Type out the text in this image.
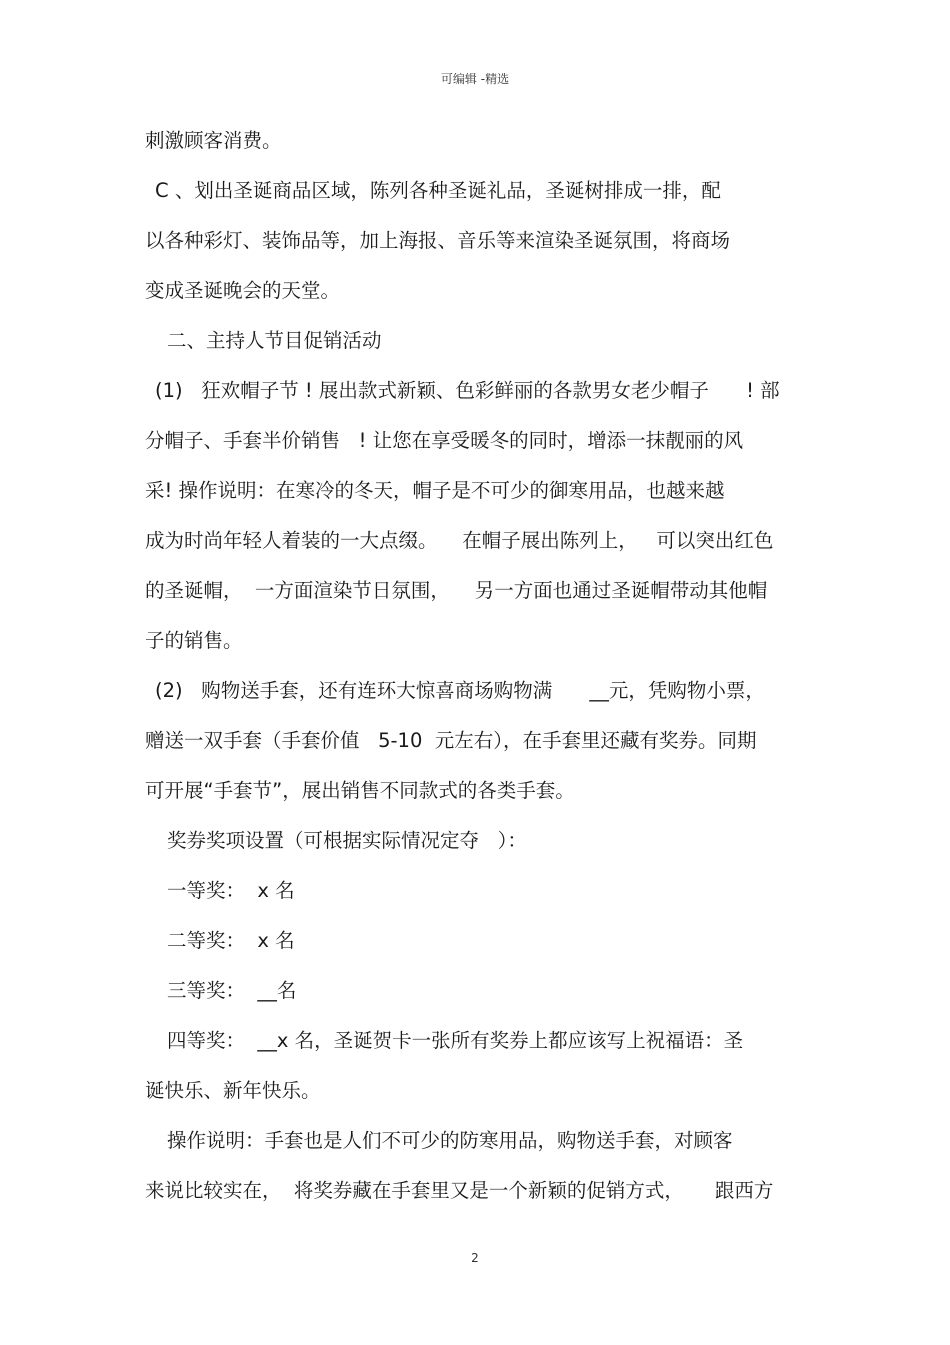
可编辑 -精选
刺激顾客消费。
C 、划出圣诞商品区域，陈列各种圣诞礼品，圣诞树排成一排，配
以各种彩灯、装饰品等，加上海报、音乐等来渲染圣诞氛围，将商场
变成圣诞晚会的天堂。
二、主持人节目促销活动
(1)   狂欢帽子节 ! 展出款式新颖、色彩鲜丽的各款男女老少帽子      ! 部
分帽子、手套半价销售   ! 让您在享受暖冬的同时，增添一抹靓丽的风
采! 操作说明：在寒冷的冬天，帽子是不可少的御寒用品，也越来越
成为时尚年轻人着装的一大点缀。    在帽子展出陈列上，   可以突出红色
的圣诞帽，  一方面渲染节日氛围，    另一方面也通过圣诞帽带动其他帽
子的销售。
(2)   购物送手套，还有连环大惊喜商场购物满      __元，凭购物小票，
赠送一双手套（手套价值   5-10  元左右），在手套里还藏有奖券。同期
可开展“手套节”，展出销售不同款式的各类手套。
奖券奖项设置（可根据实际情况定夺   ）：
一等奖：  x 名
二等奖：  x 名
三等奖：  __名
四等奖：  __x 名，圣诞贺卡一张所有奖券上都应该写上祝福语：圣
诞快乐、新年快乐。
操作说明：手套也是人们不可少的防寒用品，购物送手套，对顾客
来说比较实在，  将奖券藏在手套里又是一个新颖的促销方式，     跟西方
2
